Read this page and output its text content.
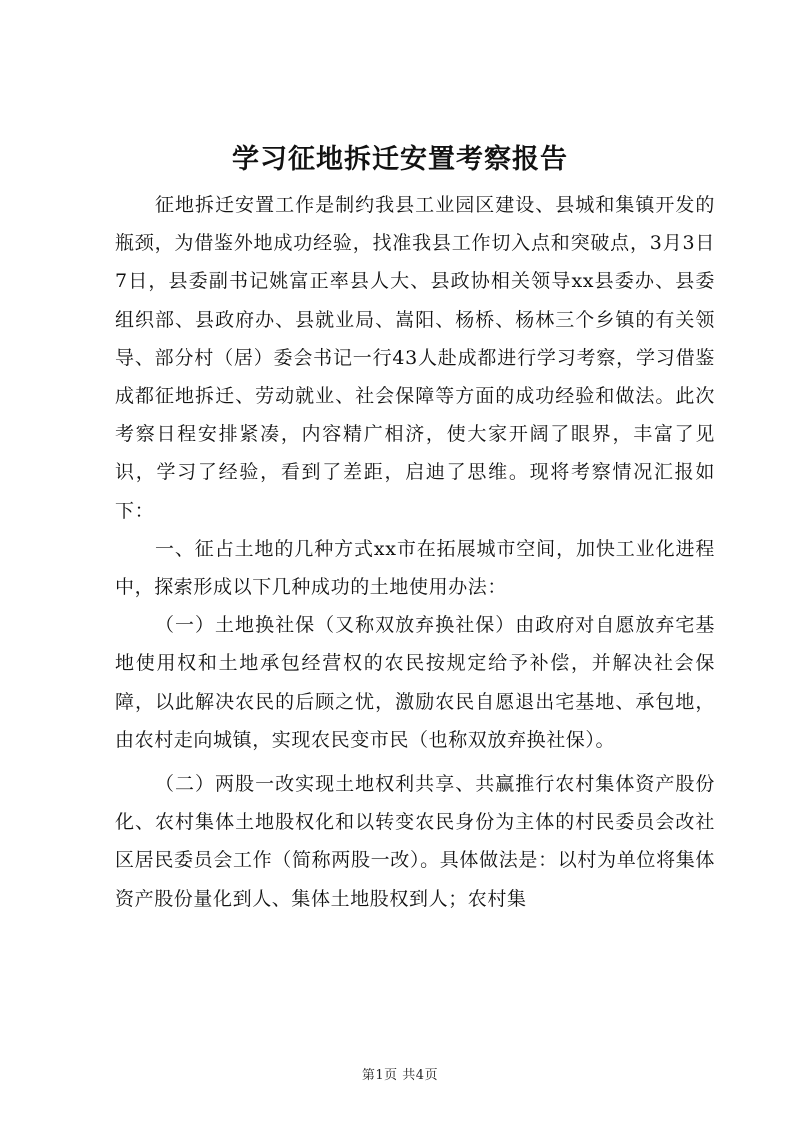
学习征地拆迁安置考察报告

征地拆迁安置工作是制约我县工业园区建设、县城和集镇开发的瓶颈，为借鉴外地成功经验，找准我县工作切入点和突破点，3月3日7日，县委副书记姚富正率县人大、县政协相关领导xx县委办、县委组织部、县政府办、县就业局、嵩阳、杨桥、杨林三个乡镇的有关领导、部分村（居）委会书记一行43人赴成都进行学习考察，学习借鉴成都征地拆迁、劳动就业、社会保障等方面的成功经验和做法。此次考察日程安排紧凑，内容精广相济，使大家开阔了眼界，丰富了见识，学习了经验，看到了差距，启迪了思维。现将考察情况汇报如下：

一、征占土地的几种方式xx市在拓展城市空间，加快工业化进程中，探索形成以下几种成功的土地使用办法：

（一）土地换社保（又称双放弃换社保）由政府对自愿放弃宅基地使用权和土地承包经营权的农民按规定给予补偿，并解决社会保障，以此解决农民的后顾之忧，激励农民自愿退出宅基地、承包地，由农村走向城镇，实现农民变市民（也称双放弃换社保）。

（二）两股一改实现土地权利共享、共赢推行农村集体资产股份化、农村集体土地股权化和以转变农民身份为主体的村民委员会改社区居民委员会工作（简称两股一改）。具体做法是：以村为单位将集体资产股份量化到人、集体土地股权到人；农村集

第1页 共4页
